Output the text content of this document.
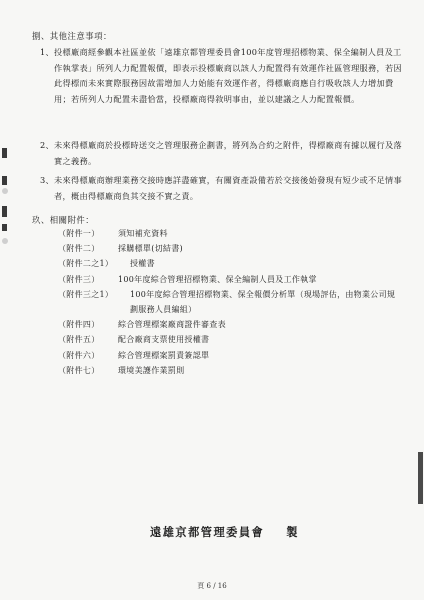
捌、其他注意事項：
1、 投標廠商經參觀本社區並依「遠雄京都管理委員會100年度管理招標物業、保全編制人員及工作執掌表」所列人力配置報價，即表示投標廠商以該人力配置得有效運作社區管理服務，若因此得標而未來實際服務因故需增加人力始能有效運作者，得標廠商應自行吸收該人力增加費用；若所列人力配置未盡恰當，投標廠商得敘明事由，並以建議之人力配置報價。
2、 未來得標廠商於投標時送交之管理服務企劃書，將列為合約之附件，得標廠商有據以履行及落實之義務。
3、 未來得標廠商辦理業務交接時應詳盡確實，有關資產設備若於交接後始發現有短少或不足情事者，概由得標廠商負其交接不實之責。
玖、相關附件：
（附件一）	須知補充資料
（附件二）	採購標單(切結書)
（附件二之1）	授權書
（附件三）	100年度綜合管理招標物業、保全編制人員及工作執掌
（附件三之1）	100年度綜合管理招標物業、保全報價分析單（現場評估，由物業公司規劃服務人員編組）
（附件四）	綜合管理標案廠商證件審查表
（附件五）	配合廠商支票使用授權書
（附件六）	綜合管理標案罰責簽認單
（附件七）	環境美護作業罰則
遠雄京都管理委員會 製
頁 6 / 16
